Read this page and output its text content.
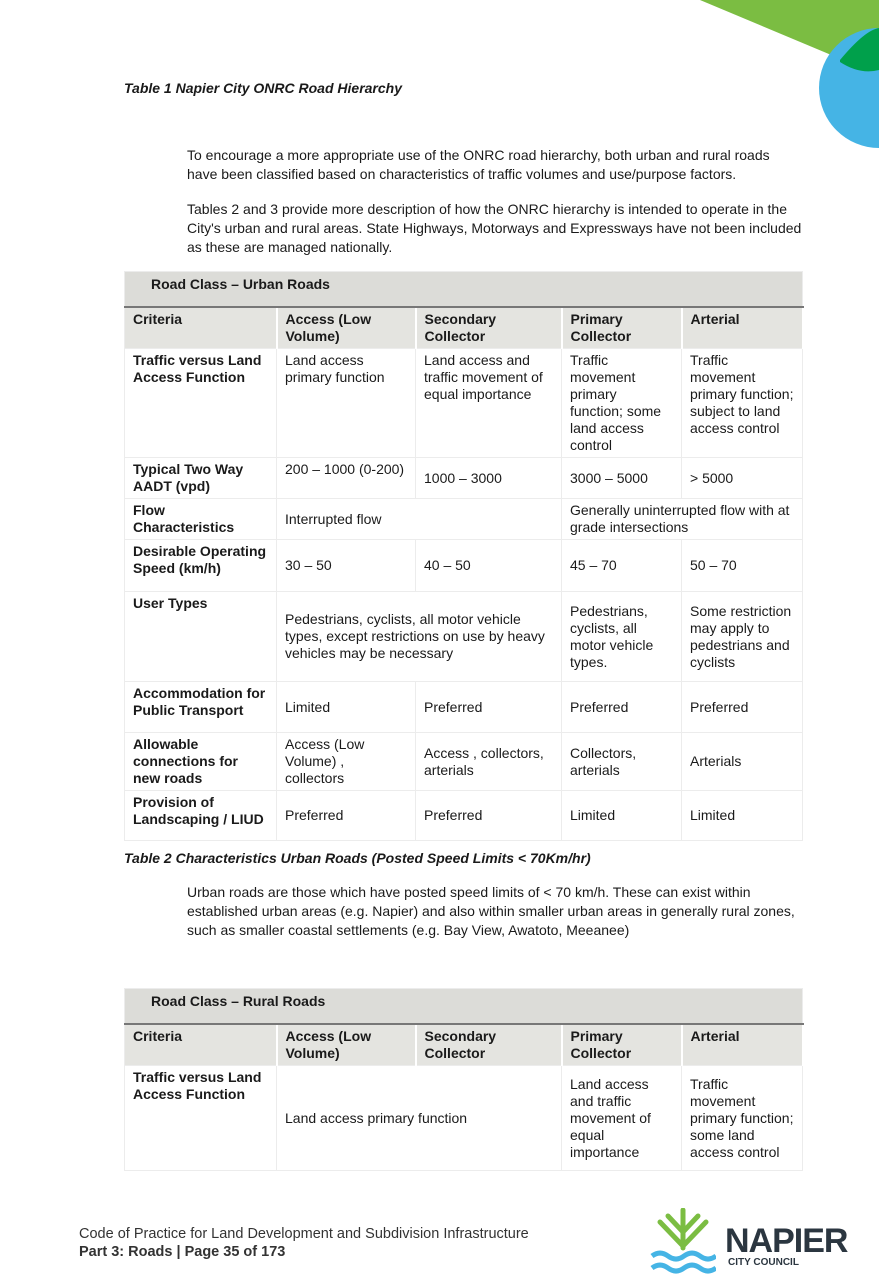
Table 1 Napier City ONRC Road Hierarchy
To encourage a more appropriate use of the ONRC road hierarchy, both urban and rural roads have been classified based on characteristics of traffic volumes and use/purpose factors.
Tables 2 and 3 provide more description of how the ONRC hierarchy is intended to operate in the City's urban and rural areas. State Highways, Motorways and Expressways have not been included as these are managed nationally.
Road Class – Urban Roads				
Criteria	Access (Low Volume)	Secondary Collector	Primary Collector	Arterial
Traffic versus Land Access Function	Land access primary function	Land access and traffic movement of equal importance	Traffic movement primary function; some land access control	Traffic movement primary function; subject to land access control
Typical Two Way AADT (vpd)	200 – 1000 (0-200)	1000 – 3000	3000 – 5000	> 5000
Flow Characteristics	Interrupted flow		Generally uninterrupted flow with at grade intersections	
Desirable Operating Speed (km/h)	30 – 50	40 – 50	45 – 70	50 – 70
User Types	Pedestrians, cyclists, all motor vehicle types, except restrictions on use by heavy vehicles may be necessary		Pedestrians, cyclists, all motor vehicle types.	Some restriction may apply to pedestrians and cyclists
Accommodation for Public Transport	Limited	Preferred	Preferred	Preferred
Allowable connections for new roads	Access (Low Volume) , collectors	Access , collectors, arterials	Collectors, arterials	Arterials
Provision of Landscaping / LIUD	Preferred	Preferred	Limited	Limited
Table 2 Characteristics Urban Roads (Posted Speed Limits < 70Km/hr)
Urban roads are those which have posted speed limits of < 70 km/h. These can exist within established urban areas (e.g. Napier) and also within smaller urban areas in generally rural zones, such as smaller coastal settlements (e.g. Bay View, Awatoto, Meeanee)
Road Class – Rural Roads				
Criteria	Access (Low Volume)	Secondary Collector	Primary Collector	Arterial
Traffic versus Land Access Function	Land access primary function		Land access and traffic movement of equal importance	Traffic movement primary function; some land access control
Code of Practice for Land Development and Subdivision Infrastructure
Part 3: Roads | Page 35 of 173	NAPIER
CITY COUNCIL
